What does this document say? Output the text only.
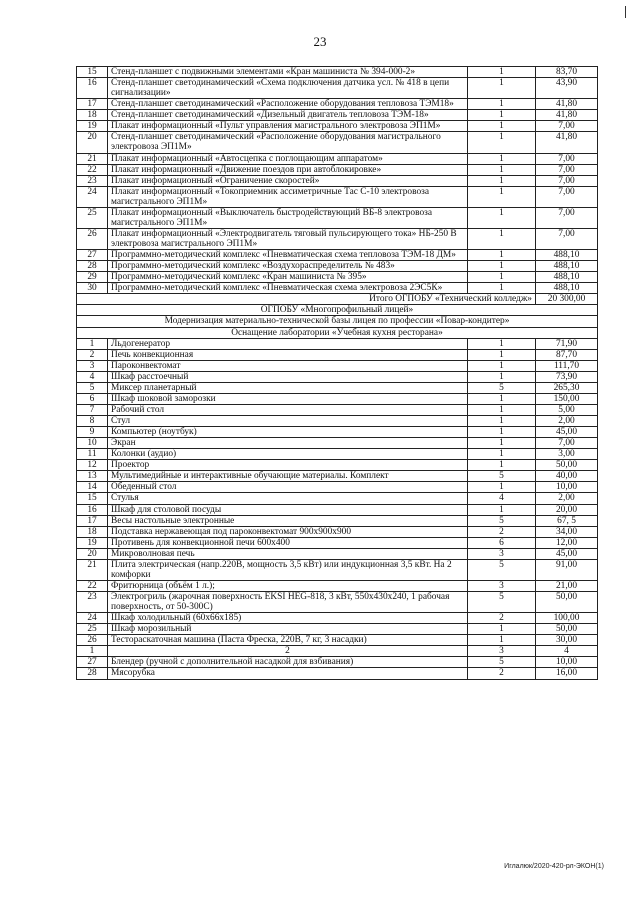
23
15	Стенд-планшет с подвижными элементами «Кран машиниста № 394-000-2»	1	83,70
16	Стенд-планшет светодинамический «Схема подключения датчика усл. № 418 в цепи сигнализации»	1	43,90
17	Стенд-планшет светодинамический «Расположение оборудования тепловоза ТЭМ18»	1	41,80
18	Стенд-планшет светодинамический «Дизельный двигатель тепловоза ТЭМ-18»	1	41,80
19	Плакат информационный «Пульт управления магистрального электровоза ЭП1М»	1	7,00
20	Стенд-планшет светодинамический «Расположение оборудования магистрального электровоза ЭП1М»	1	41,80
21	Плакат информационный «Автосцепка с поглощающим аппаратом»	1	7,00
22	Плакат информационный «Движение поездов при автоблокировке»	1	7,00
23	Плакат информационный «Ограничение скоростей»	1	7,00
24	Плакат информационный «Токоприемник ассиметричные Тас С-10 электровоза магистрального ЭП1М»	1	7,00
25	Плакат информационный «Выключатель быстродействующий ВБ-8 электровоза магистрального ЭП1М»	1	7,00
26	Плакат информационный «Электродвигатель тяговый пульсирующего тока» НБ-250 В электровоза магистрального ЭП1М»	1	7,00
27	Программно-методический комплекс «Пневматическая схема тепловоза ТЭМ-18 ДМ»	1	488,10
28	Программно-методический комплекс «Воздухораспределитель № 483»	1	488,10
29	Программно-методический комплекс «Кран машиниста № 395»	1	488,10
30	Программно-методический комплекс «Пневматическая схема электровоза 2ЭС5К»	1	488,10
Итого ОГПОБУ «Технический колледж»			20 300,00
ОГПОБУ «Многопрофильный лицей»			
Модернизация материально-технической базы лицея по профессии «Повар-кондитер»			
Оснащение лаборатории «Учебная кухня ресторана»			
1	Льдогенератор	1	71,90
2	Печь конвекционная	1	87,70
3	Пароконвектомат	1	111,70
4	Шкаф расстоечный	1	73,90
5	Миксер планетарный	5	265,30
6	Шкаф шоковой заморозки	1	150,00
7	Рабочий стол	1	5,00
8	Стул	1	2,00
9	Компьютер (ноутбук)	1	45,00
10	Экран	1	7,00
11	Колонки (аудио)	1	3,00
12	Проектор	1	50,00
13	Мультимедийные и интерактивные обучающие материалы. Комплект	5	40,00
14	Обеденный стол	1	10,00
15	Стулья	4	2,00
16	Шкаф для столовой посуды	1	20,00
17	Весы настольные электронные	5	67, 5
18	Подставка нержавеющая под пароконвектомат 900x900x900	2	34,00
19	Противень для конвекционной печи 600x400	6	12,00
20	Микроволновая печь	3	45,00
21	Плита электрическая (напр.220В, мощность 3,5 кВт) или индукционная 3,5 кВт. На 2 комфорки	5	91,00
22	Фритюрница (объём 1 л.);	3	21,00
23	Электрогриль (жарочная поверхность EKSI HEG-818, 3 кВт, 550x430x240, 1 рабочая поверхность, от 50-300С)	5	50,00
24	Шкаф холодильный (60x66x185)	2	100,00
25	Шкаф морозильный	1	50,00
26	Тестораскаточная машина (Паста Фреска, 220В, 7 кг, 3 насадки)	1	30,00
1	2	3	4
27	Блендер (ручной с дополнительной насадкой для взбивания)	5	10,00
28	Мясорубка	2	16,00
Иглалюк/2020-420-рл-ЭКОН(1)
